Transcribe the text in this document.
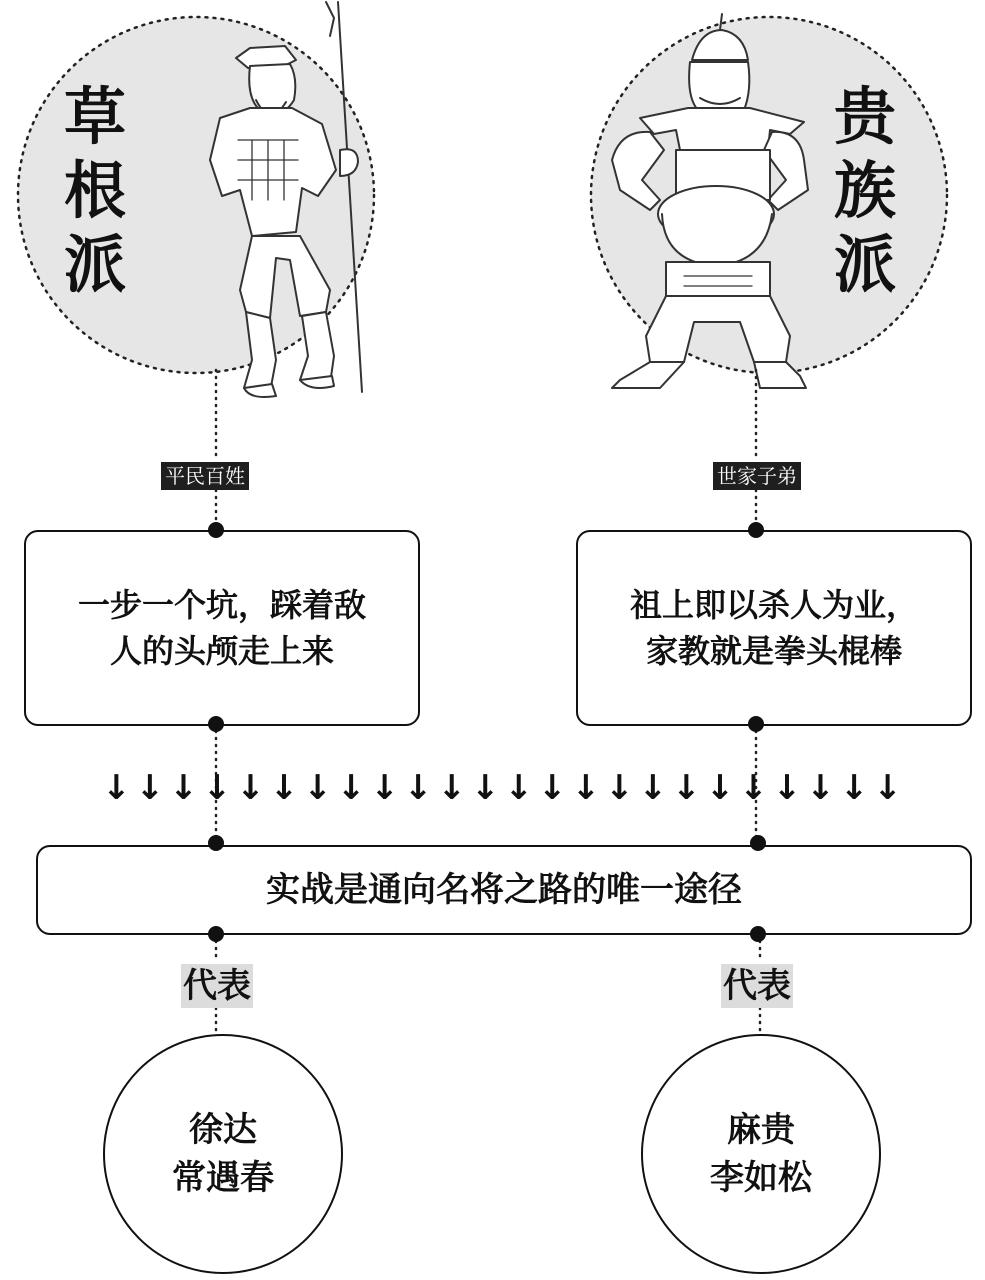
草
根
派
贵
族
派
平民百姓	世家子弟
一步一个坑，踩着敌
人的头颅走上来
祖上即以杀人为业，
家教就是拳头棍棒
↓ ↓ ↓ ↓ ↓ ↓ ↓ ↓ ↓ ↓ ↓ ↓ ↓ ↓ ↓ ↓ ↓ ↓ ↓ ↓ ↓ ↓ ↓ ↓
实战是通向名将之路的唯一途径
代表	代表
徐达
常遇春
麻贵
李如松
